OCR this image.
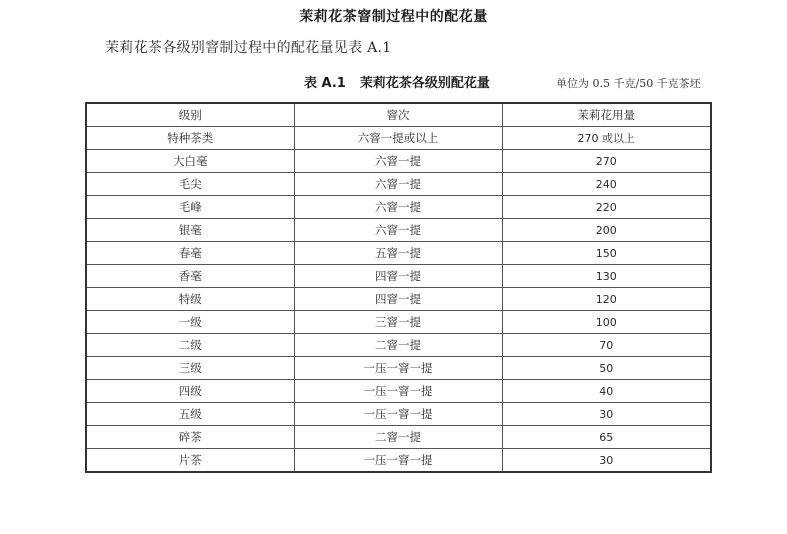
茉莉花茶窨制过程中的配花量
茉莉花茶各级别窨制过程中的配花量见表 A.1
表 A.1 茉莉花茶各级别配花量	单位为 0.5 千克/50 千克茶坯
级别	窨次	茉莉花用量
特种茶类	六窨一提或以上	270 或以上
大白毫	六窨一提	270
毛尖	六窨一提	240
毛峰	六窨一提	220
银毫	六窨一提	200
春毫	五窨一提	150
香毫	四窨一提	130
特级	四窨一提	120
一级	三窨一提	100
二级	二窨一提	70
三级	一压一窨一提	50
四级	一压一窨一提	40
五级	一压一窨一提	30
碎茶	二窨一提	65
片茶	一压一窨一提	30
